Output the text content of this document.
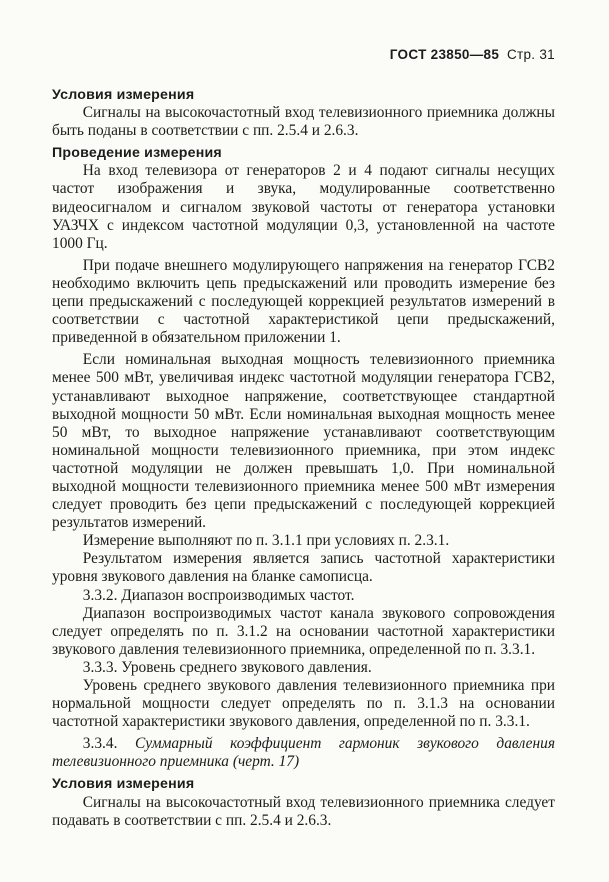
ГОСТ 23850—85 Стр. 31
Условия измерения

Сигналы на высокочастотный вход телевизионного приемника должны быть поданы в соответствии с пп. 2.5.4 и 2.6.3.

Проведение измерения

На вход телевизора от генераторов 2 и 4 подают сигналы несущих частот изображения и звука, модулированные соответственно видеосигналом и сигналом звуковой частоты от генератора установки УАЗЧХ с индексом частотной модуляции 0,3, установленной на частоте 1000 Гц.

При подаче внешнего модулирующего напряжения на генератор ГСВ2 необходимо включить цепь предыскажений или проводить измерение без цепи предыскажений с последующей коррекцией результатов измерений в соответствии с частотной характеристикой цепи предыскажений, приведенной в обязательном приложении 1.

Если номинальная выходная мощность телевизионного приемника менее 500 мВт, увеличивая индекс частотной модуляции генератора ГСВ2, устанавливают выходное напряжение, соответствующее стандартной выходной мощности 50 мВт. Если номинальная выходная мощность менее 50 мВт, то выходное напряжение устанавливают соответствующим номинальной мощности телевизионного приемника, при этом индекс частотной модуляции не должен превышать 1,0. При номинальной выходной мощности телевизионного приемника менее 500 мВт измерения следует проводить без цепи предыскажений с последующей коррекцией результатов измерений.

Измерение выполняют по п. 3.1.1 при условиях п. 2.3.1.

Результатом измерения является запись частотной характеристики уровня звукового давления на бланке самописца.

3.3.2. Диапазон воспроизводимых частот.

Диапазон воспроизводимых частот канала звукового сопровождения следует определять по п. 3.1.2 на основании частотной характеристики звукового давления телевизионного приемника, определенной по п. 3.3.1.

3.3.3. Уровень среднего звукового давления.

Уровень среднего звукового давления телевизионного приемника при нормальной мощности следует определять по п. 3.1.3 на основании частотной характеристики звукового давления, определенной по п. 3.3.1.

3.3.4. Суммарный коэффициент гармоник звукового давления телевизионного приемника (черт. 17)

Условия измерения

Сигналы на высокочастотный вход телевизионного приемника следует подавать в соответствии с пп. 2.5.4 и 2.6.3.
